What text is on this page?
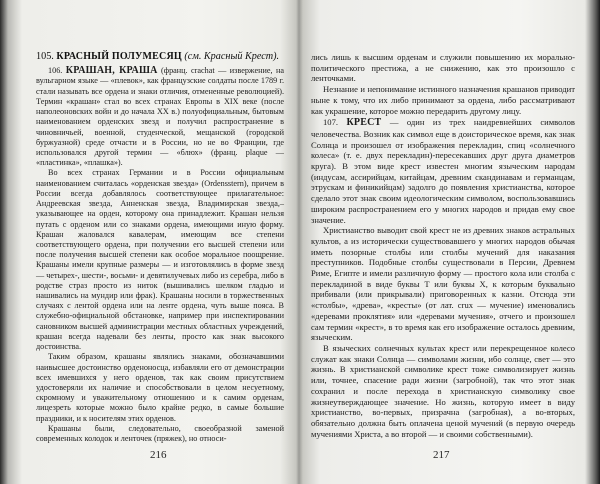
105. КРАСНЫЙ ПОЛУМЕСЯЦ (см. Красный Крест).

106. КРАШАН, КРАША (франц. crachat — извержение, на вульгарном языке — «плевок», как французские солдаты после 1789 г. стали называть все ордена и знаки отличия, отмененные революцией). Термин «крашан» стал во всех странах Европы в XIX веке (после наполеоновских войн и до начала XX в.) полуофициальным, бытовым наименованием орденских звезд и получил распространение в чиновничьей, военной, студенческой, мещанской (городской буржуазной) среде отчасти и в России, но не во Франции, где использовался другой термин — «блюх» (франц. plaque — «пластинка», «плашка»).

Во всех странах Германии и в России официальным наименованием считалась «орденская звезда» (Ordensstern), причем в России всегда добавлялось соответствующее прилагательное: Андреевская звезда, Анненская звезда, Владимирская звезда,– указывающее на орден, которому она принадлежит. Крашан нельзя путать с орденом или со знаками ордена, имеющими иную форму. Крашан жаловался кавалерам, имеющим все степени соответствующего ордена, при получении его высшей степени или после получения высшей степени как особое моральное поощрение. Крашаны имели крупные размеры — и изготовлялись в форме звезд — четырех-, шести-, восьми- и девятилучевых либо из серебра, либо в родстве страз просто из ниток (вышивались шелком гладью и нашивались на мундир или фрак). Крашаны носили в торжественных случаях с лентой ордена или на ленте ордена, чуть выше пояса. В служебно-официальной обстановке, например при инспектировании сановником высшей администрации местных областных учреждений, крашан всегда надевали без ленты, просто как знак высокого достоинства.

Таким образом, крашаны являлись знаками, обозначавшими наивысшее достоинство орденоносца, избавляли его от демонстрации всех имевшихся у него орденов, так как своим присутствием удостоверяли их наличие и способствовали в целом несуетному, скромному и уважительному отношению и к самим орденам, лицезреть которые можно было крайне редко, в самые большие праздники, и к носителям этих орденов.

Крашаны были, следовательно, своеобразной заменой современных колодок и ленточек (пряжек), но относи-

лись лишь к высшим орденам и служили повышению их морально-политического престижа, а не снижению, как это произошло с ленточками.

Незнание и непонимание истинного назначения крашанов приводит ныне к тому, что их либо принимают за ордена, либо рассматривают как украшение, которое можно передарить другому лицу.

107. КРЕСТ — один из трех наидревнейших символов человечества. Возник как символ еще в доисторическое время, как знак Солнца и произошел от изображения перекладин, спиц «солнечного колеса» (т. е. двух перекладин)-пересекавших друг друга диаметров круга). В этом виде крест известен многим языческим народам (индусам, ассирийцам, китайцам, древним скандинавам и германцам, этрускам и финикийцам) задолго до появления христианства, которое сделало этот знак своим идеологическим символом, воспользовавшись широким распространением его у многих народов и придав ему свое значение.

Христианство выводит свой крест не из древних знаков астральных культов, а из исторически существовавшего у многих народов обычая иметь позорные столбы или столбы мучений для наказания преступников. Подобные столбы существовали в Персии, Древнем Риме, Египте и имели различную форму — простого кола или столба с перекладиной в виде буквы Т или буквы Х, к которым буквально прибивали (или прикрывали) приговоренных к казни. Отсюда эти «столбы», «древа», «кресты» (от лат. crux — мучение) именовались «деревами проклятия» или «деревами мучения», отчего и произошел сам термин «крест», в то время как его изображение осталось древним, языческим.

В языческих солнечных культах крест или перекрещенное колесо служат как знаки Солнца — символами жизни, ибо солнце, свет — это жизнь. В христианской символике крест тоже символизирует жизнь или, точнее, спасение ради жизни (загробной), так что этот знак сохранил и после перехода в христианскую символику свое жизнеутверждающее значение. Но жизнь, которую имеет в виду христианство, во-первых, призрачна (загробная), а во-вторых, обязательно должна быть оплачена ценой мучений (в первую очередь мучениями Христа, а во второй — и своими собственными).

216	217
